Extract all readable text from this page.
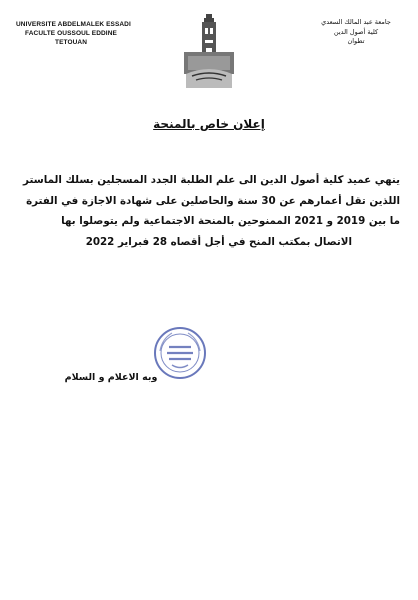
UNIVERSITE ABDELMALEK ESSADI
FACULTE OUSSOUL EDDINE
TETOUAN
جامعة عبد المالك السعدي
كلية أصول الدين
تطوان
إعلان خاص بالمنحة
ينهي عميد كلية أصول الدين الى علم الطلبة الجدد المسجلين بسلك الماستر
اللذين تقل أعمارهم عن 30 سنة والحاصلين على شهادة الاجازة في الفترة
ما بين 2019 و 2021 الممنوحين بالمنحة الاجتماعية ولم يتوصلوا بها
الاتصال بمكتب المنح في أجل أقصاه 28 فبراير 2022
وبه الاعلام و السلام
